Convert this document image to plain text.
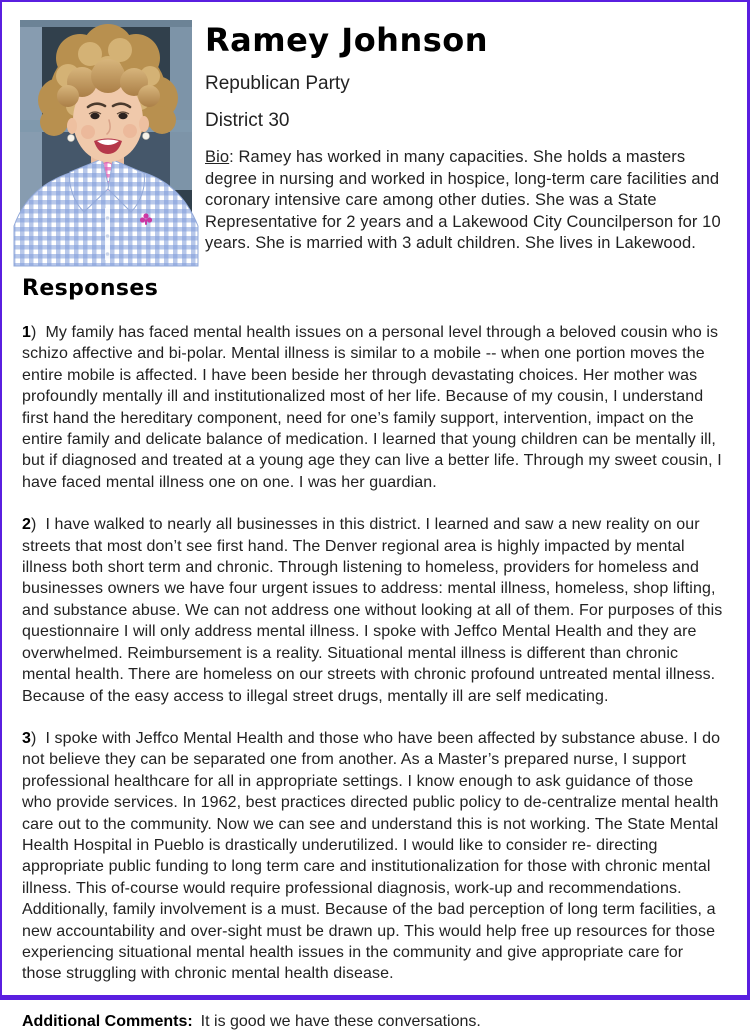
Ramey Johnson
Republican Party
District 30
Bio: Ramey has worked in many capacities. She holds a masters degree in nursing and worked in hospice, long-term care facilities and coronary intensive care among other duties. She was a State Representative for 2 years and a Lakewood City Councilperson for 10 years. She is married with 3 adult children. She lives in Lakewood.
Responses

1) My family has faced mental health issues on a personal level through a beloved cousin who is schizo affective and bi-polar. Mental illness is similar to a mobile -- when one portion moves the entire mobile is affected. I have been beside her through devastating choices. Her mother was profoundly mentally ill and institutionalized most of her life. Because of my cousin, I understand first hand the hereditary component, need for one’s family support, intervention, impact on the entire family and delicate balance of medication. I learned that young children can be mentally ill, but if diagnosed and treated at a young age they can live a better life. Through my sweet cousin, I have faced mental illness one on one. I was her guardian.

2) I have walked to nearly all businesses in this district. I learned and saw a new reality on our streets that most don’t see first hand. The Denver regional area is highly impacted by mental illness both short term and chronic. Through listening to homeless, providers for homeless and businesses owners we have four urgent issues to address: mental illness, homeless, shop lifting, and substance abuse. We can not address one without looking at all of them. For purposes of this questionnaire I will only address mental illness. I spoke with Jeffco Mental Health and they are overwhelmed. Reimbursement is a reality. Situational mental illness is different than chronic mental health. There are homeless on our streets with chronic profound untreated mental illness. Because of the easy access to illegal street drugs, mentally ill are self medicating.

3) I spoke with Jeffco Mental Health and those who have been affected by substance abuse. I do not believe they can be separated one from another. As a Master’s prepared nurse, I support professional healthcare for all in appropriate settings. I know enough to ask guidance of those who provide services. In 1962, best practices directed public policy to de-centralize mental health care out to the community. Now we can see and understand this is not working. The State Mental Health Hospital in Pueblo is drastically underutilized. I would like to consider re- directing appropriate public funding to long term care and institutionalization for those with chronic mental illness. This of-course would require professional diagnosis, work-up and recommendations. Additionally, family involvement is a must. Because of the bad perception of long term facilities, a new accountability and over-sight must be drawn up. This would help free up resources for those experiencing situational mental health issues in the community and give appropriate care for those struggling with chronic mental health disease.

Additional Comments: It is good we have these conversations.
